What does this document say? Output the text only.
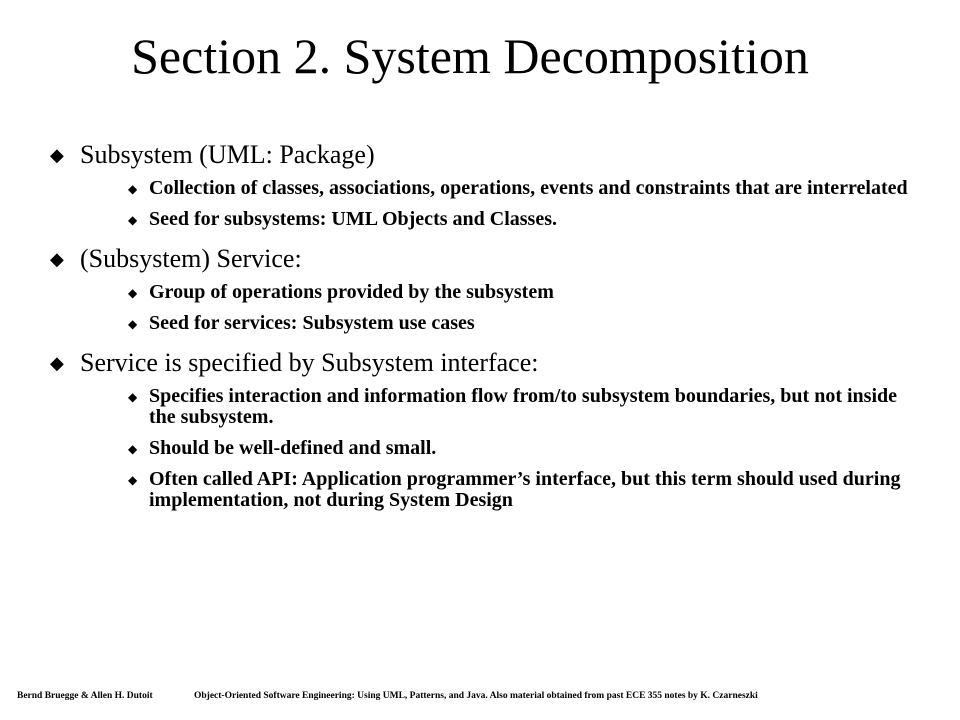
Section 2. System Decomposition
◆ Subsystem (UML: Package)
◆ Collection of classes, associations, operations, events and constraints that are interrelated
◆ Seed for subsystems: UML Objects and Classes.
◆ (Subsystem) Service:
◆ Group of operations provided by the subsystem
◆ Seed for services: Subsystem use cases
◆ Service is specified by Subsystem interface:
◆ Specifies interaction and information flow from/to subsystem boundaries, but not inside the subsystem.
◆ Should be well-defined and small.
◆ Often called API: Application programmer’s interface, but this term should used during implementation, not during System Design
Bernd Bruegge & Allen H. Dutoit	Object-Oriented Software Engineering: Using UML, Patterns, and Java. Also material obtained from past ECE 355 notes by K. Czarneszki
